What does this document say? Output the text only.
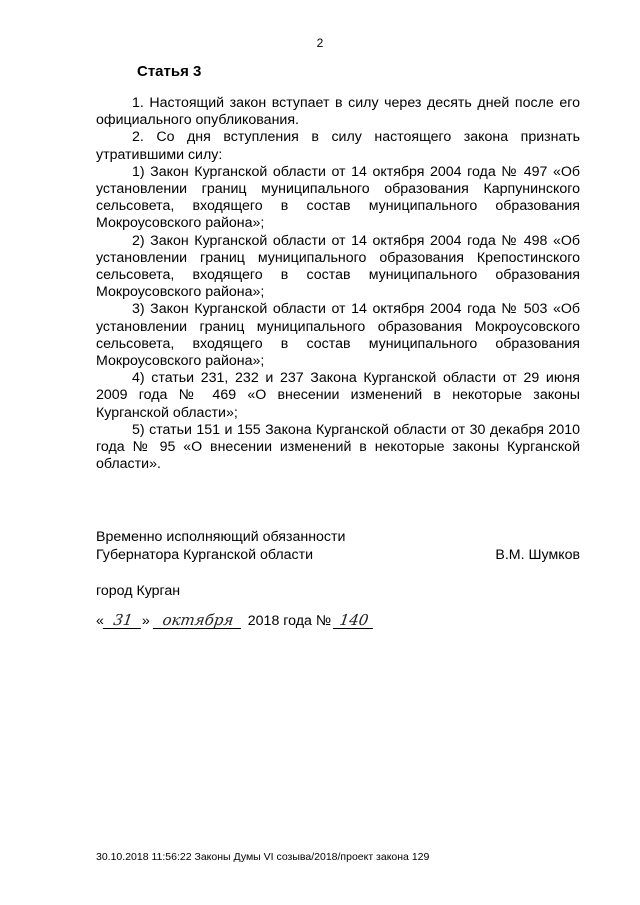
2
Статья 3

1. Настоящий закон вступает в силу через десять дней после его официального опубликования.

2. Со дня вступления в силу настоящего закона признать утратившими силу:

1) Закон Курганской области от 14 октября 2004 года № 497 «Об установлении границ муниципального образования Карпунинского сельсовета, входящего в состав муниципального образования Мокроусовского района»;

2) Закон Курганской области от 14 октября 2004 года № 498 «Об установлении границ муниципального образования Крепостинского сельсовета, входящего в состав муниципального образования Мокроусовского района»;

3) Закон Курганской области от 14 октября 2004 года № 503 «Об установлении границ муниципального образования Мокроусовского сельсовета, входящего в состав муниципального образования Мокроусовского района»;

4) статьи 231, 232 и 237 Закона Курганской области от 29 июня 2009 года № 469 «О внесении изменений в некоторые законы Курганской области»;

5) статьи 151 и 155 Закона Курганской области от 30 декабря 2010 года № 95 «О внесении изменений в некоторые законы Курганской области».

Временно исполняющий обязанности
Губернатора Курганской области	В.М. Шумков
город Курган
« 31 » октября 2018 года № 140
30.10.2018 11:56:22 Законы Думы VI созыва/2018/проект закона 129
